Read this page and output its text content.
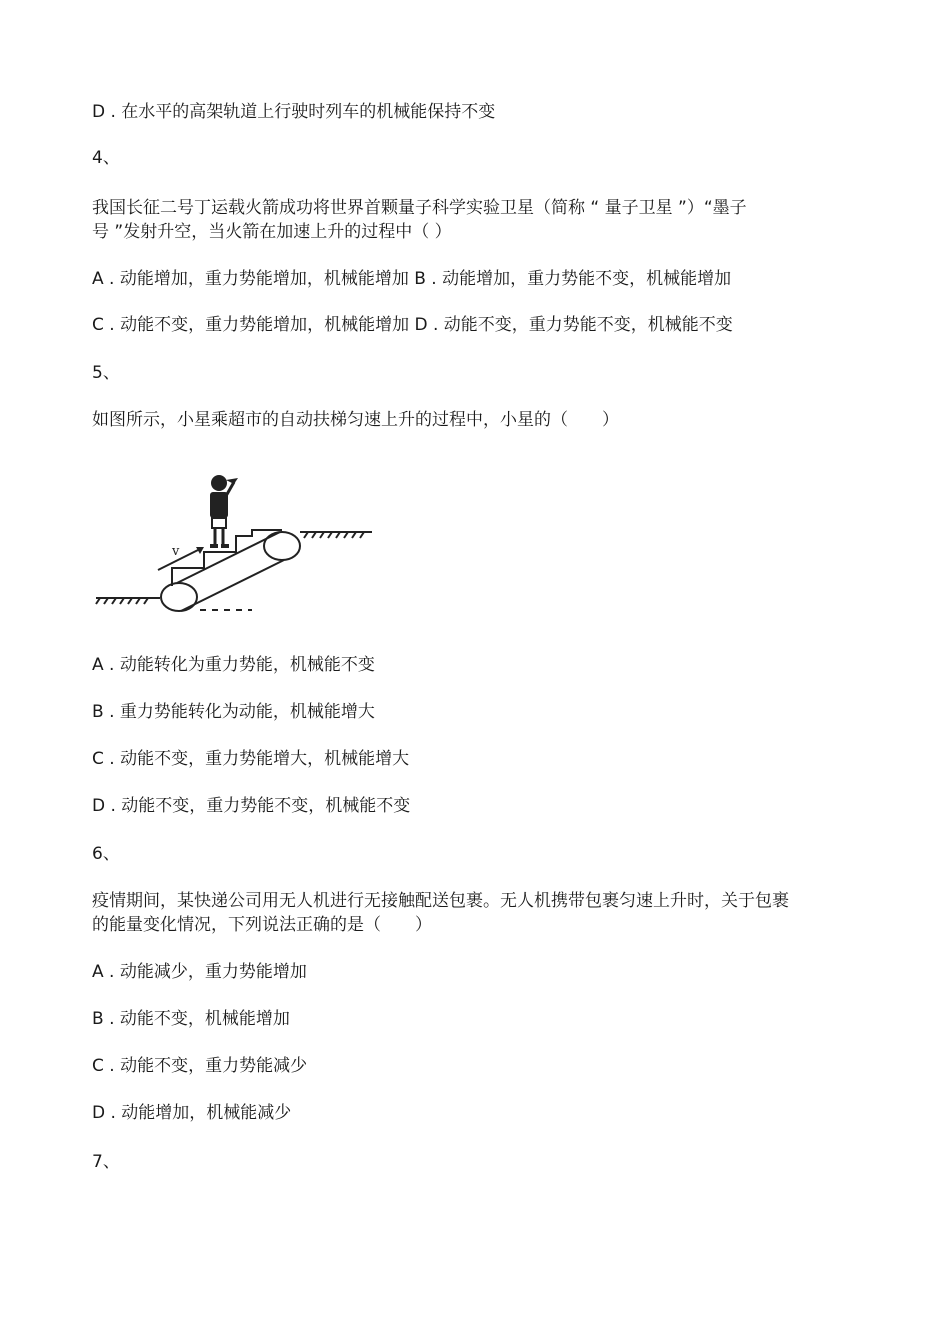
D . 在水平的高架轨道上行驶时列车的机械能保持不变
4、
我国长征二号丁运载火箭成功将世界首颗量子科学实验卫星（简称 “ 量子卫星 ”）“墨子
号 ”发射升空，当火箭在加速上升的过程中（ ）
A . 动能增加，重力势能增加，机械能增加 B . 动能增加，重力势能不变，机械能增加
C . 动能不变，重力势能增加，机械能增加 D . 动能不变，重力势能不变，机械能不变
5、
如图所示，小星乘超市的自动扶梯匀速上升的过程中，小星的（　　）
v
A . 动能转化为重力势能，机械能不变
B . 重力势能转化为动能，机械能增大
C . 动能不变，重力势能增大，机械能增大
D . 动能不变，重力势能不变，机械能不变
6、
疫情期间，某快递公司用无人机进行无接触配送包裹。无人机携带包裹匀速上升时，关于包裹
的能量变化情况，下列说法正确的是（　　）
A . 动能减少，重力势能增加
B . 动能不变，机械能增加
C . 动能不变，重力势能减少
D . 动能增加，机械能减少
7、
